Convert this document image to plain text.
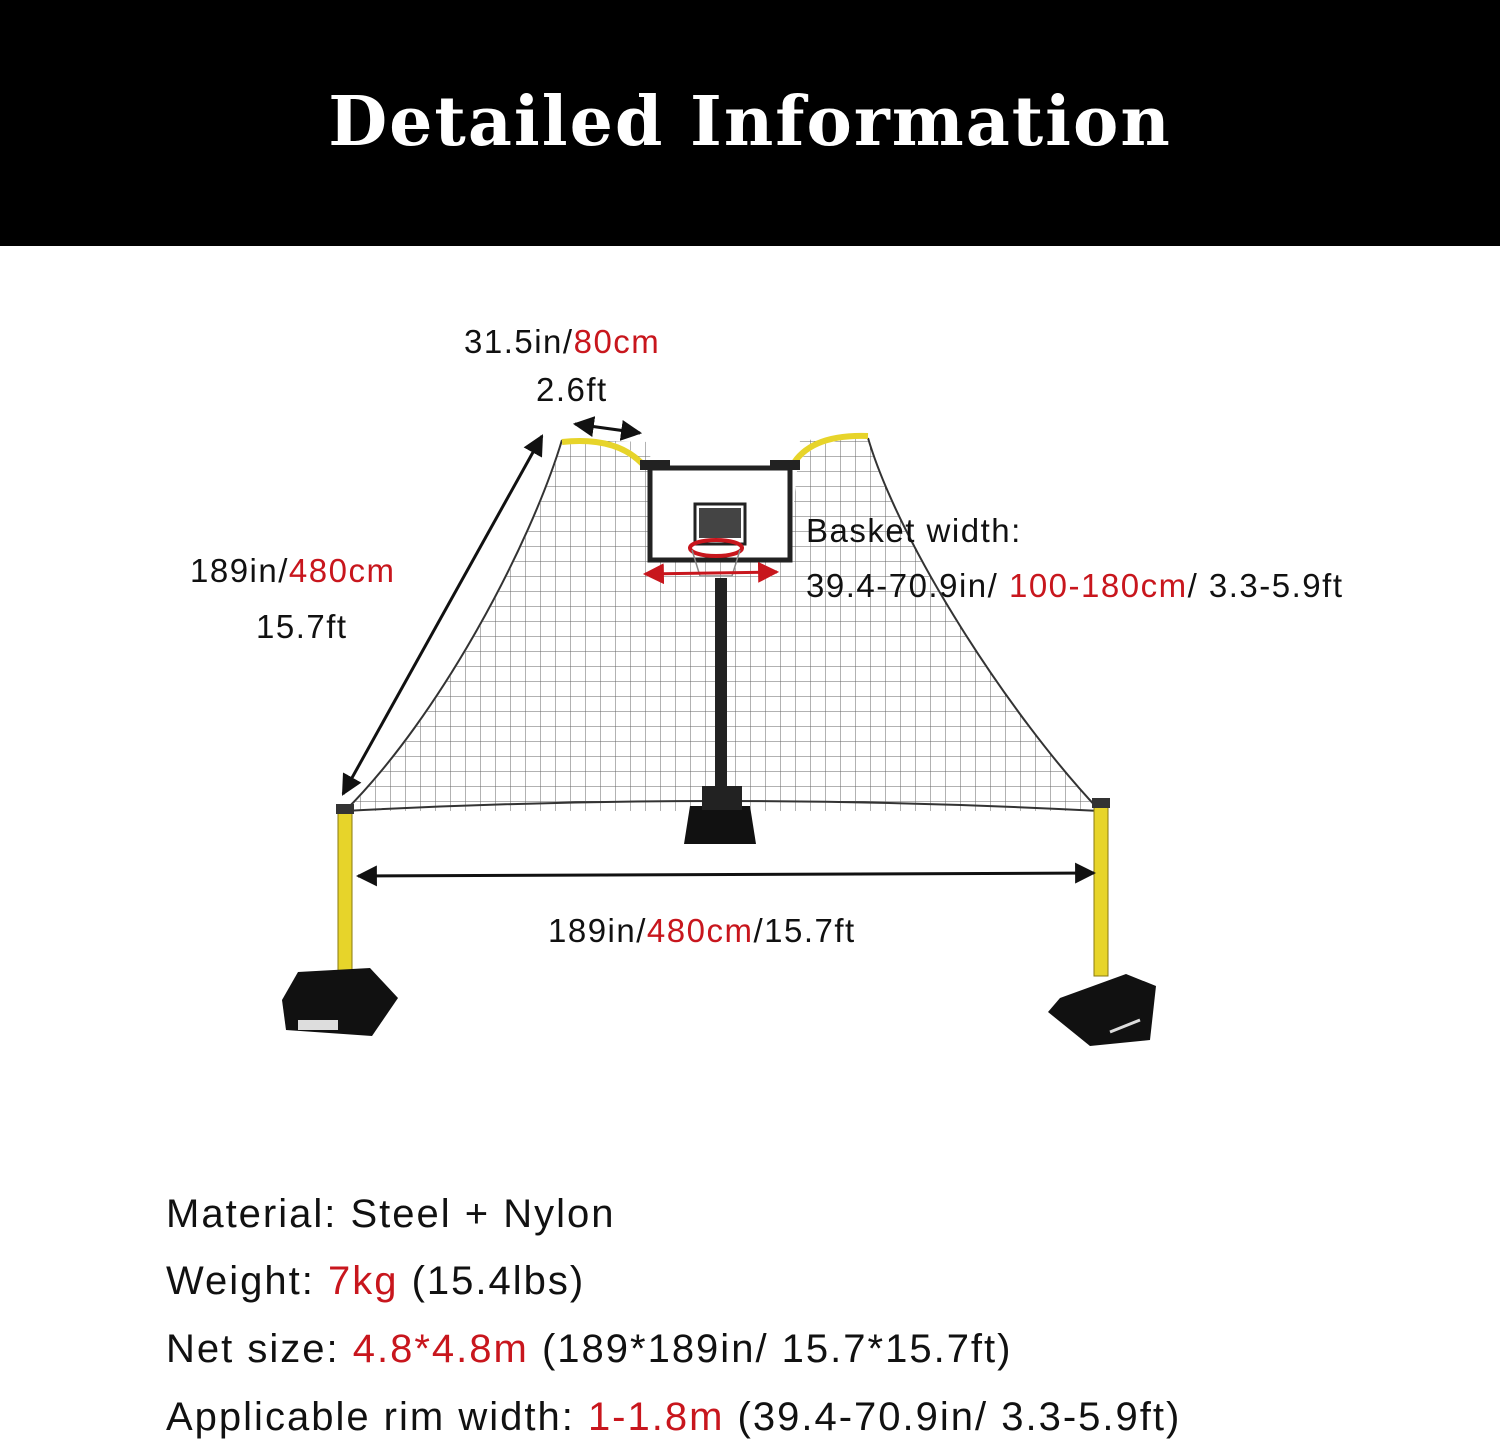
Detailed Information
31.5in/80cm
2.6ft
189in/480cm
15.7ft
Basket width:
39.4-70.9in/ 100-180cm/ 3.3-5.9ft
189in/480cm/15.7ft
Material: Steel + Nylon
Weight: 7kg (15.4lbs)
Net size: 4.8*4.8m (189*189in/ 15.7*15.7ft)
Applicable rim width: 1-1.8m (39.4-70.9in/ 3.3-5.9ft)
